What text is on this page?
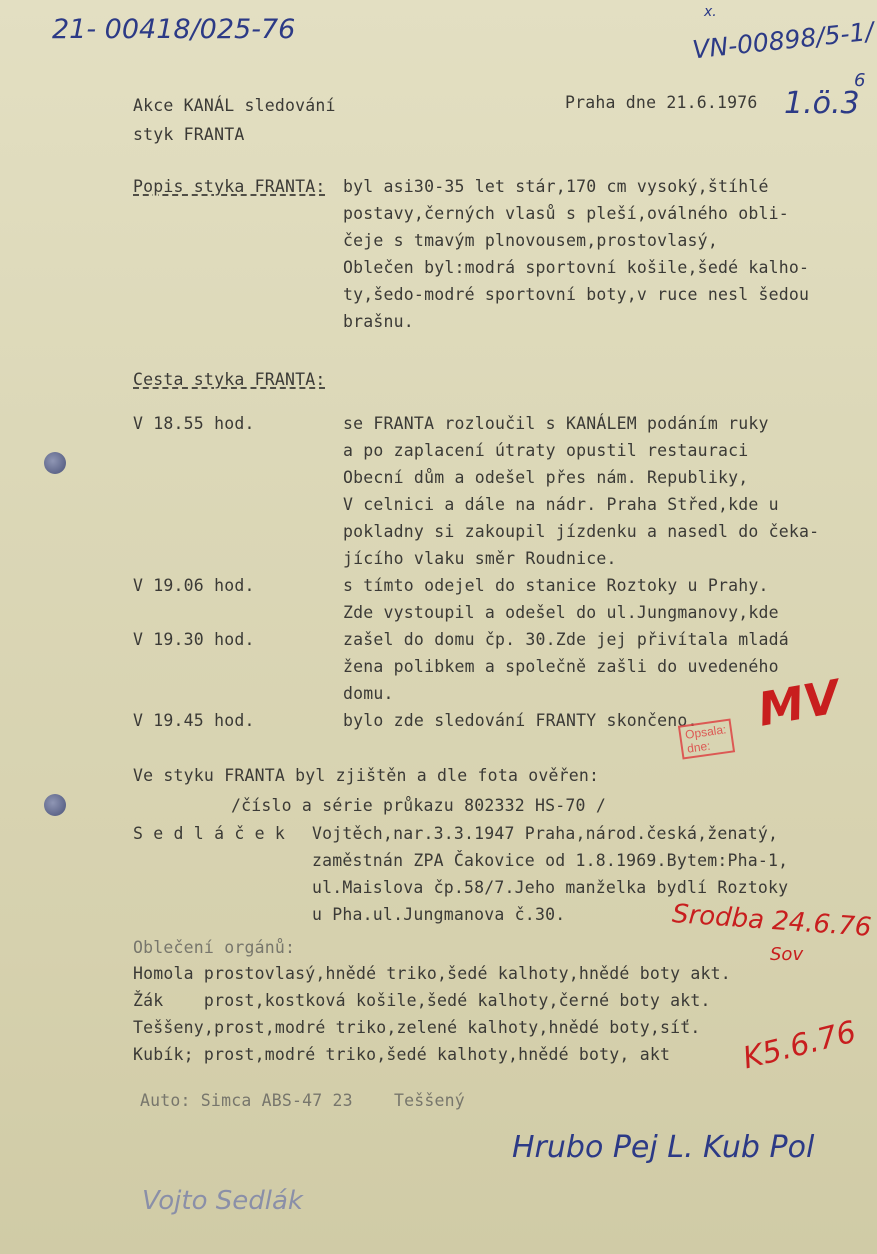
21- 00418/025-76
x.
VN-00898/5-1/
6
1.ö.3
Akce KANÁL sledování
styk FRANTA
Praha dne 21.6.1976
Popis styka FRANTA: byl asi30-35 let stár,170 cm vysoký,štíhlé
postavy,černých vlasů s pleší,oválného obli-
čeje s tmavým plnovousem,prostovlasý,
Oblečen byl:modrá sportovní košile,šedé kalho-
ty,šedo-modré sportovní boty,v ruce nesl šedou
brašnu.
Cesta styka FRANTA:
V 18.55 hod.	se FRANTA rozloučil s KANÁLEM podáním ruky
a po zaplacení útraty opustil restauraci
Obecní dům a odešel přes nám. Republiky,
V celnici a dále na nádr. Praha Střed,kde u
pokladny si zakoupil jízdenku a nasedl do čeka-
jícího vlaku směr Roudnice.
V 19.06 hod.	s tímto odejel do stanice Roztoky u Prahy.
Zde vystoupil a odešel do ul.Jungmanovy,kde
V 19.30 hod.	zašel do domu čp. 30.Zde jej přivítala mladá
žena polibkem a společně zašli do uvedeného
domu.
V 19.45 hod.	bylo zde sledování FRANTY skončeno.
Opsala:
dne:
MV
Ve styku FRANTA byl zjištěn a dle fota ověřen:
/číslo a série průkazu 802332 HS-70 /
S e d l á č e k Vojtěch,nar.3.3.1947 Praha,národ.česká,ženatý,
zaměstnán ZPA Čakovice od 1.8.1969.Bytem:Pha-1,
ul.Maislova čp.58/7.Jeho manželka bydlí Roztoky
u Pha.ul.Jungmanova č.30.	Srodba 24.6.76
Sov
Oblečení orgánů:
Homola prostovlasý,hnědé triko,šedé kalhoty,hnědé boty akt.
Žák    prost,kostková košile,šedé kalhoty,černé boty akt.
Teššeny,prost,modré triko,zelené kalhoty,hnědé boty,síť.
Kubík; prost,modré triko,šedé kalhoty,hnědé boty, akt K5.6.76
Auto: Simca ABS-47 23 Teššený
Hrubo Pej L. Kub Pol
Vojto Sedlák
